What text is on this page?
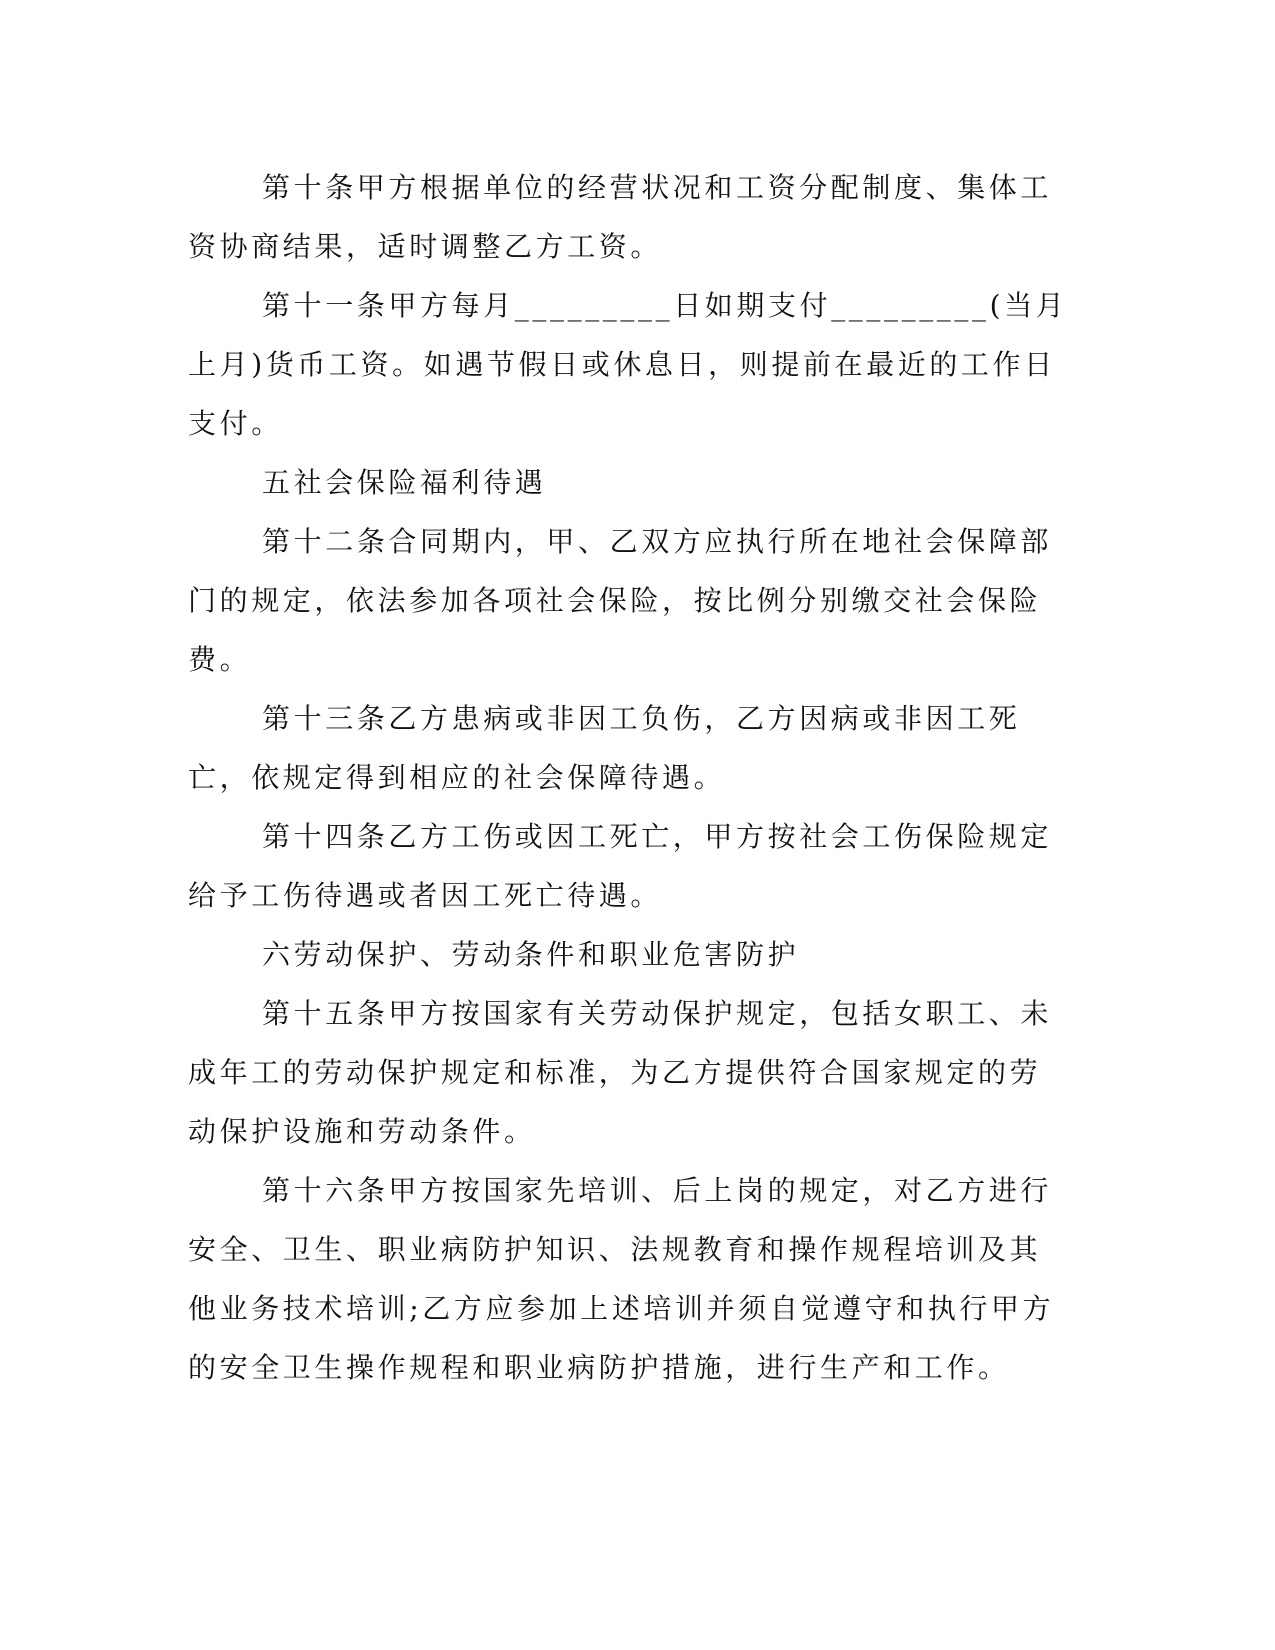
第十条甲方根据单位的经营状况和工资分配制度、集体工资协商结果，适时调整乙方工资。

第十一条甲方每月_________日如期支付_________(当月上月)货币工资。如遇节假日或休息日，则提前在最近的工作日支付。

五社会保险福利待遇

第十二条合同期内，甲、乙双方应执行所在地社会保障部门的规定，依法参加各项社会保险，按比例分别缴交社会保险费。

第十三条乙方患病或非因工负伤，乙方因病或非因工死亡，依规定得到相应的社会保障待遇。

第十四条乙方工伤或因工死亡，甲方按社会工伤保险规定给予工伤待遇或者因工死亡待遇。

六劳动保护、劳动条件和职业危害防护

第十五条甲方按国家有关劳动保护规定，包括女职工、未成年工的劳动保护规定和标准，为乙方提供符合国家规定的劳动保护设施和劳动条件。

第十六条甲方按国家先培训、后上岗的规定，对乙方进行安全、卫生、职业病防护知识、法规教育和操作规程培训及其他业务技术培训;乙方应参加上述培训并须自觉遵守和执行甲方的安全卫生操作规程和职业病防护措施，进行生产和工作。
